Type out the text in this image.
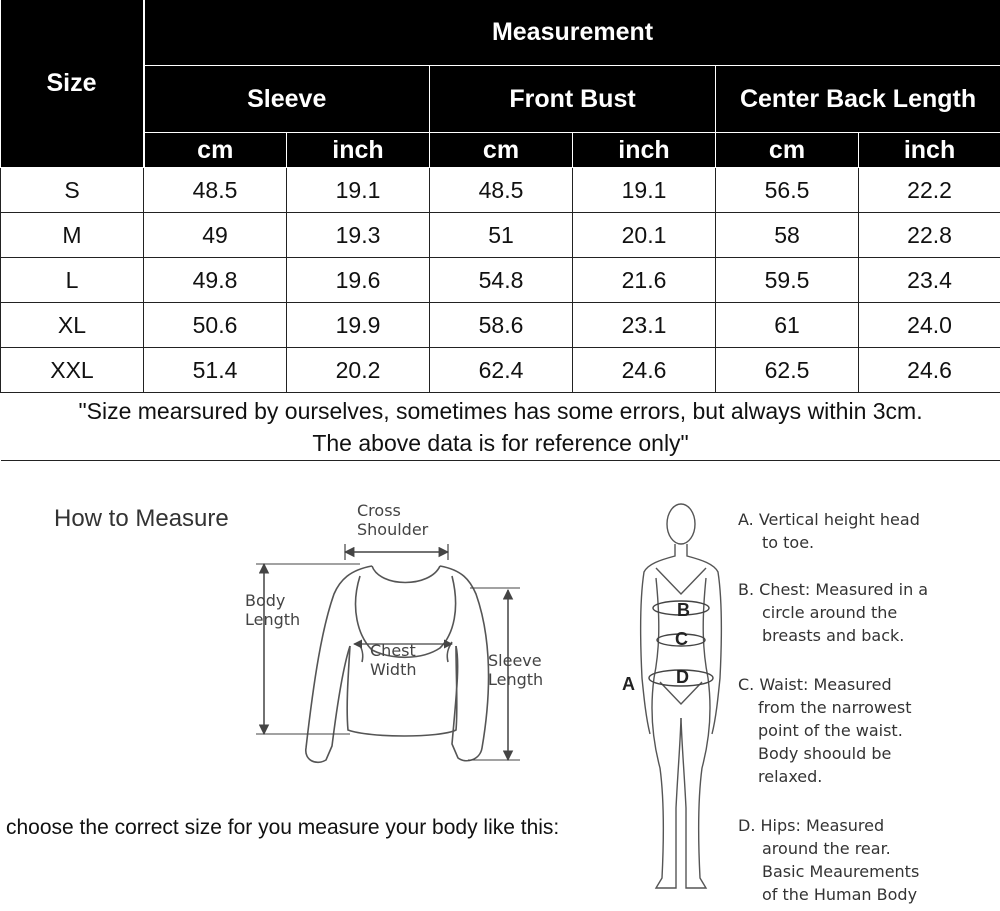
Size	Measurement					
	Sleeve		Front Bust		Center Back Length	
	cm	inch	cm	inch	cm	inch
S	48.5	19.1	48.5	19.1	56.5	22.2
M	49	19.3	51	20.1	58	22.8
L	49.8	19.6	54.8	21.6	59.5	23.4
XL	50.6	19.9	58.6	23.1	61	24.0
XXL	51.4	20.2	62.4	24.6	62.5	24.6
"Size mearsured by ourselves, sometimes has some errors, but always within 3cm.
The above data is for reference only"						
How to Measure
choose the correct size for you measure your body like this:
Cross
Shoulder
Body
Length
Chest
Width	Sleeve
Length
B
C
D
A
A. Vertical height head
to toe.
B. Chest: Measured in a
circle around the
breasts and back.
C. Waist: Measured
from the narrowest
point of the waist.
Body shoould be
relaxed.
D. Hips: Measured
around the rear.
Basic Meaurements
of the Human Body
